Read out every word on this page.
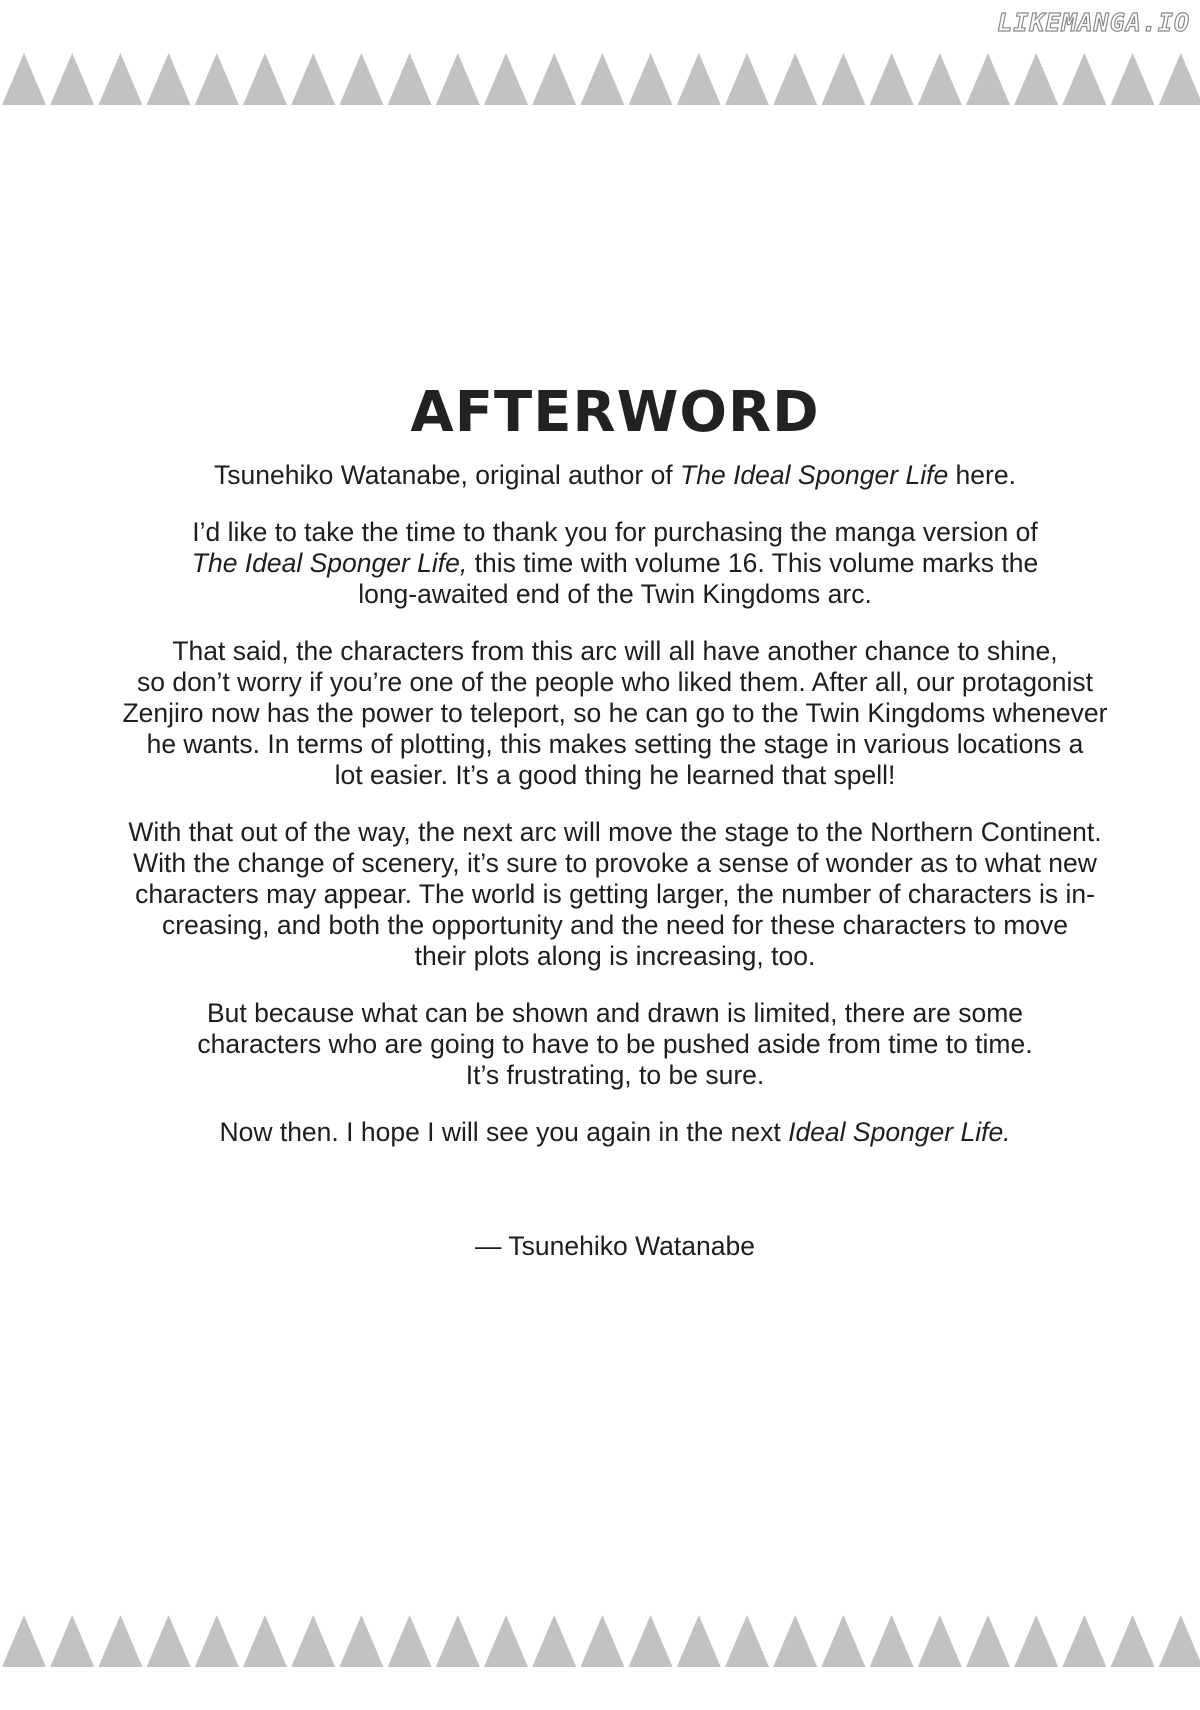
LIKEMANGA.IO
AFTERWORD

Tsunehiko Watanabe, original author of The Ideal Sponger Life here.

I’d like to take the time to thank you for purchasing the manga version of
The Ideal Sponger Life, this time with volume 16. This volume marks the
long-awaited end of the Twin Kingdoms arc.

That said, the characters from this arc will all have another chance to shine,
so don’t worry if you’re one of the people who liked them. After all, our protagonist
Zenjiro now has the power to teleport, so he can go to the Twin Kingdoms whenever
he wants. In terms of plotting, this makes setting the stage in various locations a
lot easier. It’s a good thing he learned that spell!

With that out of the way, the next arc will move the stage to the Northern Continent.
With the change of scenery, it’s sure to provoke a sense of wonder as to what new
characters may appear. The world is getting larger, the number of characters is in-
creasing, and both the opportunity and the need for these characters to move
their plots along is increasing, too.

But because what can be shown and drawn is limited, there are some
characters who are going to have to be pushed aside from time to time.
It’s frustrating, to be sure.

Now then. I hope I will see you again in the next Ideal Sponger Life.

— Tsunehiko Watanabe
